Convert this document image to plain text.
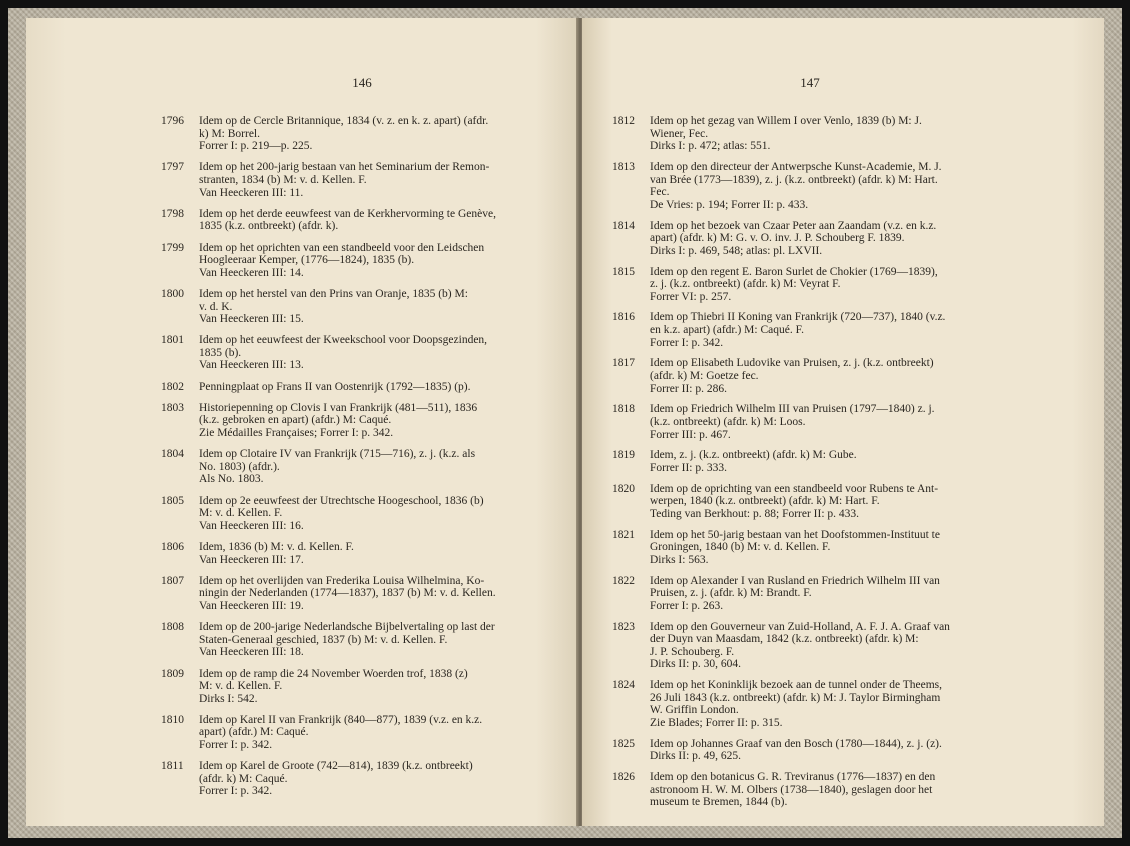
146
1796	Idem op de Cercle Britannique, 1834 (v. z. en k. z. apart) (afdr.
k) M: Borrel.
Forrer I: p. 219—p. 225.
1797	Idem op het 200-jarig bestaan van het Seminarium der Remon-
stranten, 1834 (b) M: v. d. Kellen. F.
Van Heeckeren III: 11.
1798	Idem op het derde eeuwfeest van de Kerkhervorming te Genève,
1835 (k.z. ontbreekt) (afdr. k).
1799	Idem op het oprichten van een standbeeld voor den Leidschen
Hoogleeraar Kemper, (1776—1824), 1835 (b).
Van Heeckeren III: 14.
1800	Idem op het herstel van den Prins van Oranje, 1835 (b) M:
v. d. K.
Van Heeckeren III: 15.
1801	Idem op het eeuwfeest der Kweekschool voor Doopsgezinden,
1835 (b).
Van Heeckeren III: 13.
1802	Penningplaat op Frans II van Oostenrijk (1792—1835) (p).
1803	Historiepenning op Clovis I van Frankrijk (481—511), 1836
(k.z. gebroken en apart) (afdr.) M: Caqué.
Zie Médailles Françaises; Forrer I: p. 342.
1804	Idem op Clotaire IV van Frankrijk (715—716), z. j. (k.z. als
No. 1803) (afdr.).
Als No. 1803.
1805	Idem op 2e eeuwfeest der Utrechtsche Hoogeschool, 1836 (b)
M: v. d. Kellen. F.
Van Heeckeren III: 16.
1806	Idem, 1836 (b) M: v. d. Kellen. F.
Van Heeckeren III: 17.
1807	Idem op het overlijden van Frederika Louisa Wilhelmina, Ko-
ningin der Nederlanden (1774—1837), 1837 (b) M: v. d. Kellen.
Van Heeckeren III: 19.
1808	Idem op de 200-jarige Nederlandsche Bijbelvertaling op last der
Staten-Generaal geschied, 1837 (b) M: v. d. Kellen. F.
Van Heeckeren III: 18.
1809	Idem op de ramp die 24 November Woerden trof, 1838 (z)
M: v. d. Kellen. F.
Dirks I: 542.
1810	Idem op Karel II van Frankrijk (840—877), 1839 (v.z. en k.z.
apart) (afdr.) M: Caqué.
Forrer I: p. 342.
1811	Idem op Karel de Groote (742—814), 1839 (k.z. ontbreekt)
(afdr. k) M: Caqué.
Forrer I: p. 342.
147
1812	Idem op het gezag van Willem I over Venlo, 1839 (b) M: J.
Wiener, Fec.
Dirks I: p. 472; atlas: 551.
1813	Idem op den directeur der Antwerpsche Kunst-Academie, M. J.
van Brée (1773—1839), z. j. (k.z. ontbreekt) (afdr. k) M: Hart.
Fec.
De Vries: p. 194; Forrer II: p. 433.
1814	Idem op het bezoek van Czaar Peter aan Zaandam (v.z. en k.z.
apart) (afdr. k) M: G. v. O. inv. J. P. Schouberg F. 1839.
Dirks I: p. 469, 548; atlas: pl. LXVII.
1815	Idem op den regent E. Baron Surlet de Chokier (1769—1839),
z. j. (k.z. ontbreekt) (afdr. k) M: Veyrat F.
Forrer VI: p. 257.
1816	Idem op Thiebri II Koning van Frankrijk (720—737), 1840 (v.z.
en k.z. apart) (afdr.) M: Caqué. F.
Forrer I: p. 342.
1817	Idem op Elisabeth Ludovike van Pruisen, z. j. (k.z. ontbreekt)
(afdr. k) M: Goetze fec.
Forrer II: p. 286.
1818	Idem op Friedrich Wilhelm III van Pruisen (1797—1840) z. j.
(k.z. ontbreekt) (afdr. k) M: Loos.
Forrer III: p. 467.
1819	Idem, z. j. (k.z. ontbreekt) (afdr. k) M: Gube.
Forrer II: p. 333.
1820	Idem op de oprichting van een standbeeld voor Rubens te Ant-
werpen, 1840 (k.z. ontbreekt) (afdr. k) M: Hart. F.
Teding van Berkhout: p. 88; Forrer II: p. 433.
1821	Idem op het 50-jarig bestaan van het Doofstommen-Instituut te
Groningen, 1840 (b) M: v. d. Kellen. F.
Dirks I: 563.
1822	Idem op Alexander I van Rusland en Friedrich Wilhelm III van
Pruisen, z. j. (afdr. k) M: Brandt. F.
Forrer I: p. 263.
1823	Idem op den Gouverneur van Zuid-Holland, A. F. J. A. Graaf van
der Duyn van Maasdam, 1842 (k.z. ontbreekt) (afdr. k) M:
J. P. Schouberg. F.
Dirks II: p. 30, 604.
1824	Idem op het Koninklijk bezoek aan de tunnel onder de Theems,
26 Juli 1843 (k.z. ontbreekt) (afdr. k) M: J. Taylor Birmingham
W. Griffin London.
Zie Blades; Forrer II: p. 315.
1825	Idem op Johannes Graaf van den Bosch (1780—1844), z. j. (z).
Dirks II: p. 49, 625.
1826	Idem op den botanicus G. R. Treviranus (1776—1837) en den
astronoom H. W. M. Olbers (1738—1840), geslagen door het
museum te Bremen, 1844 (b).
